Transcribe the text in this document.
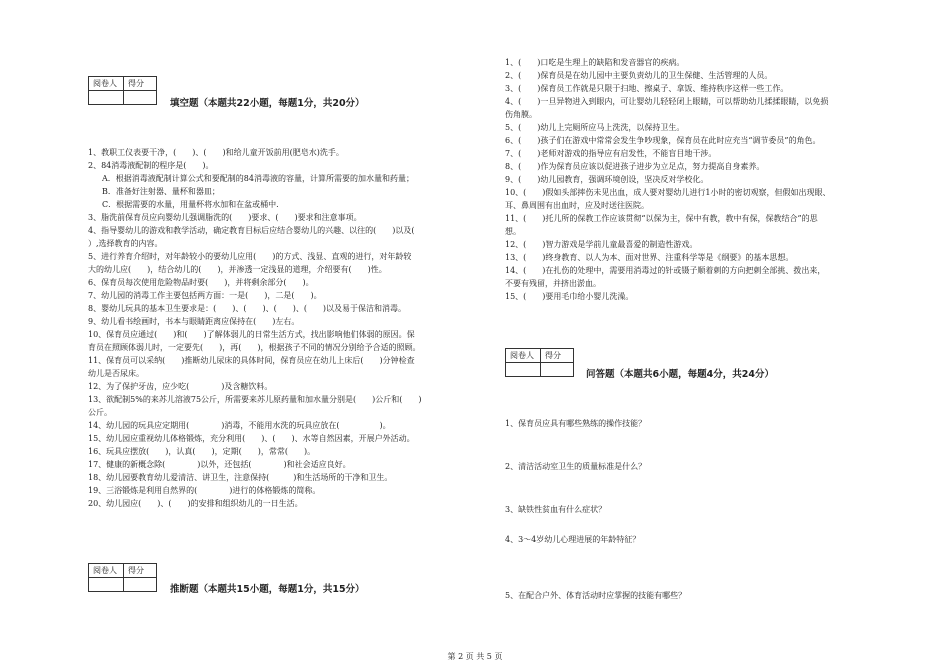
阅卷人	得分
填空题（本题共22小题，每题1分，共20分）
1、教职工仪表要干净，(　　)、(　　)和给儿童开饭前用(肥皂水)洗手。
2、84消毒液配制的程序是(　　)。
A．根据消毒液配制计算公式和要配制的84消毒液的容量，计算所需要的加水量和药量；
B．准备好注射器、量杯和器皿；
C．根据需要的水量，用量杯将水加和在盆或桶中.
3、脂洗前保育员应向婴幼儿强调脂洗的(　　)要求、(　　)要求和注意事项。
4、指导婴幼儿的游戏和教学活动，确定教育目标后应结合婴幼儿的兴趣、以往的(　　)以及(
）,选择教育的内容。
5、进行养育介绍时，对年龄较小的要幼儿应用(　　)的方式、浅显、直观的进行，对年龄较
大的幼儿应(　　)，结合幼儿的(　　)，并渗透一定浅显的道理，介绍要有(　　)性。
6、保育员每次使用危险物品时要(　　)，并将剩余部分(　　)。
7、幼儿园的消毒工作主要包括两方面：一是(　　)，二是(　　)。
8、婴幼儿玩具的基本卫生要求是：(　　)、(　　)、(　　)、(　　)以及易于保洁和消毒。
9、幼儿看书绘画时，书本与眼睛距离应保持在(　　)左右。
10、保育员应通过(　　)和(　　)了解体弱儿的日常生活方式，找出影响他们体弱的原因。保
育员在照顾体弱儿时，一定要先(　　)，再(　　)，根据孩子不同的情况分别给予合适的照顾。
11、保育员可以采纳(　　)推断幼儿尿床的具体时间，保育员应在幼儿上床后(　　)分钟检查
幼儿是否尿床。
12、为了保护牙齿，应少吃(　　　　)及含糖饮料。
13、欲配制5%的来苏儿溶液75公斤，所需要来苏儿原药量和加水量分别是(　　)公斤和(　　)
公斤。
14、幼儿园的玩具应定期用(　　　　)消毒，不能用水洗的玩具应放在(　　　　　)。
15、幼儿园应重视幼儿体格锻炼，充分利用(　　)、(　　)、水等自然因素，开展户外活动。
16、玩具应摆放(　　)，认真(　　)，定期(　　)，常常(　　)。
17、健康的新概念除(　　　　)以外，还包括(　　　　)和社会适应良好。
18、幼儿园要教育幼儿爱清洁、讲卫生，注意保持(　　　)和生活场所的干净和卫生。
19、三浴锻炼是利用自然界的(　　　　)进行的体格锻炼的简称。
20、幼儿园应(　　)、(　　)的安排和组织幼儿的一日生活。
阅卷人	得分
推断题（本题共15小题，每题1分，共15分）
1、(　　)口吃是生理上的缺陷和发音器官的疾病。
2、(　　)保育员是在幼儿园中主要负责幼儿的卫生保健、生活管理的人员。
3、(　　)保育员工作就是只限于扫地、擦桌子、拿饭、维持秩序这样一些工作。
4、(　　)一旦异物进入到眼内，可让婴幼儿轻轻闭上眼睛，可以帮助幼儿揉揉眼睛，以免损
伤角膜。
5、(　　)幼儿上完厕所应马上洗洗，以保持卫生。
6、(　　)孩子们在游戏中常常会发生争吵现象，保育员在此时应充当“调节委员”的角色。
7、(　　)老师对游戏的指导应有启发性，不能盲目地干涉。
8、(　　)作为保育员应该以促进孩子进步为立足点，努力提高自身素养。
9、(　　)幼儿园教育，强调环境创设，坚决反对学校化。
10、(　　)假如头部摔伤未见出血，成人要对婴幼儿进行1小时的密切观察，但假如出现眼、
耳、鼻周围有出血时，应及时送往医院。
11、(　　)托儿所的保教工作应该贯彻“以保为主，保中有教，教中有保，保教结合”的思
想。
12、(　　)智力游戏是学前儿童最喜爱的制造性游戏。
13、(　　)终身教育、以人为本、面对世界、注重科学等是《纲要》的基本思想。
14、(　　)在扎伤的处理中，需要用消毒过的针或镊子顺着刺的方向把刺全部挑、拨出来，
不要有残留，并挤出淤血。
15、(　　)要用毛巾给小婴儿洗澡。
阅卷人	得分
问答题（本题共6小题，每题4分，共24分）
1、保育员应具有哪些熟练的操作技能？
2、清洁活动室卫生的质量标准是什么？
3、缺铁性贫血有什么症状？
4、3～4岁幼儿心理进展的年龄特征？
5、在配合户外、体育活动时应掌握的技能有哪些？
第 2 页 共 5 页
